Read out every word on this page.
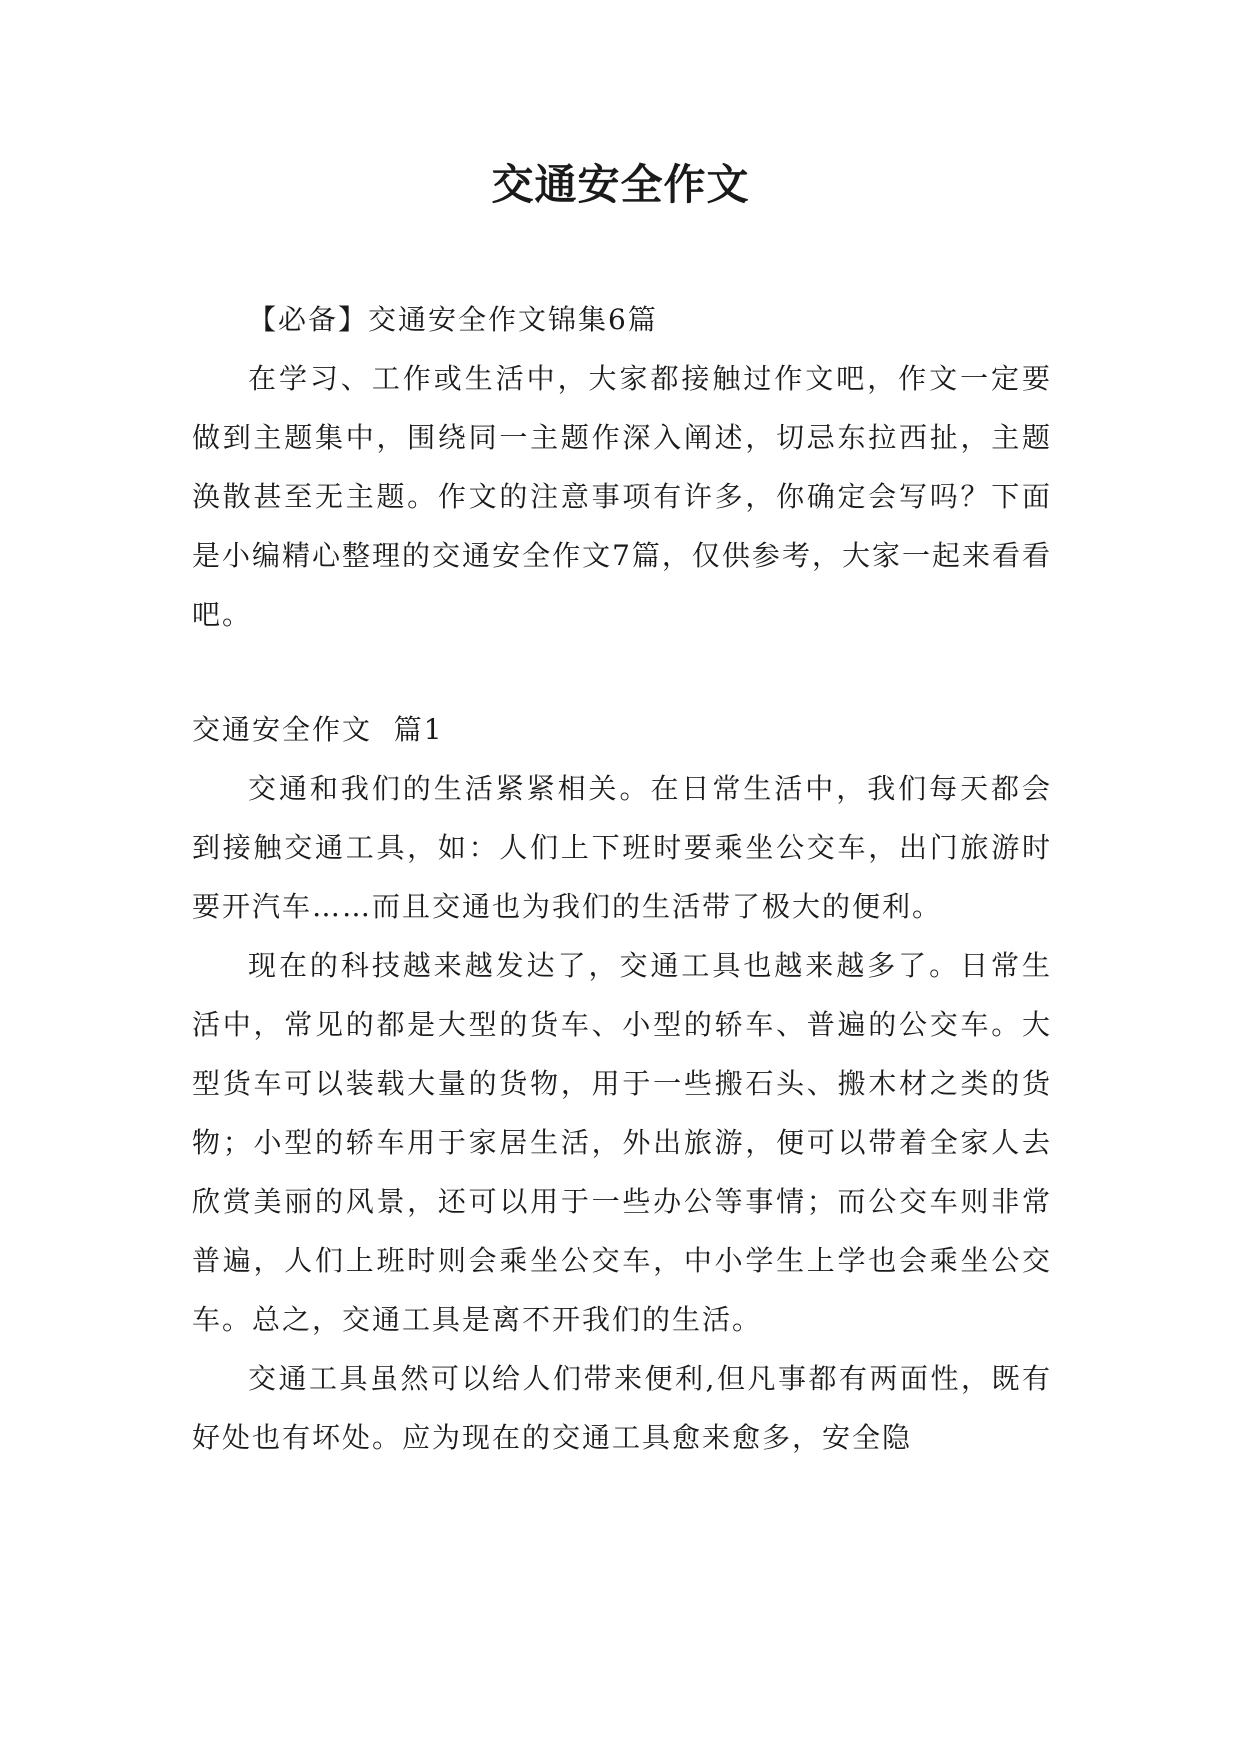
交通安全作文

【必备】交通安全作文锦集6篇

在学习、工作或生活中，大家都接触过作文吧，作文一定要做到主题集中，围绕同一主题作深入阐述，切忌东拉西扯，主题涣散甚至无主题。作文的注意事项有许多，你确定会写吗？下面是小编精心整理的交通安全作文7篇，仅供参考，大家一起来看看吧。

交通安全作文  篇1

交通和我们的生活紧紧相关。在日常生活中，我们每天都会到接触交通工具，如：人们上下班时要乘坐公交车，出门旅游时要开汽车……而且交通也为我们的生活带了极大的便利。

现在的科技越来越发达了，交通工具也越来越多了。日常生活中，常见的都是大型的货车、小型的轿车、普遍的公交车。大型货车可以装载大量的货物，用于一些搬石头、搬木材之类的货物；小型的轿车用于家居生活，外出旅游，便可以带着全家人去欣赏美丽的风景，还可以用于一些办公等事情；而公交车则非常普遍，人们上班时则会乘坐公交车，中小学生上学也会乘坐公交车。总之，交通工具是离不开我们的生活。

交通工具虽然可以给人们带来便利,但凡事都有两面性，既有好处也有坏处。应为现在的交通工具愈来愈多，安全隐
